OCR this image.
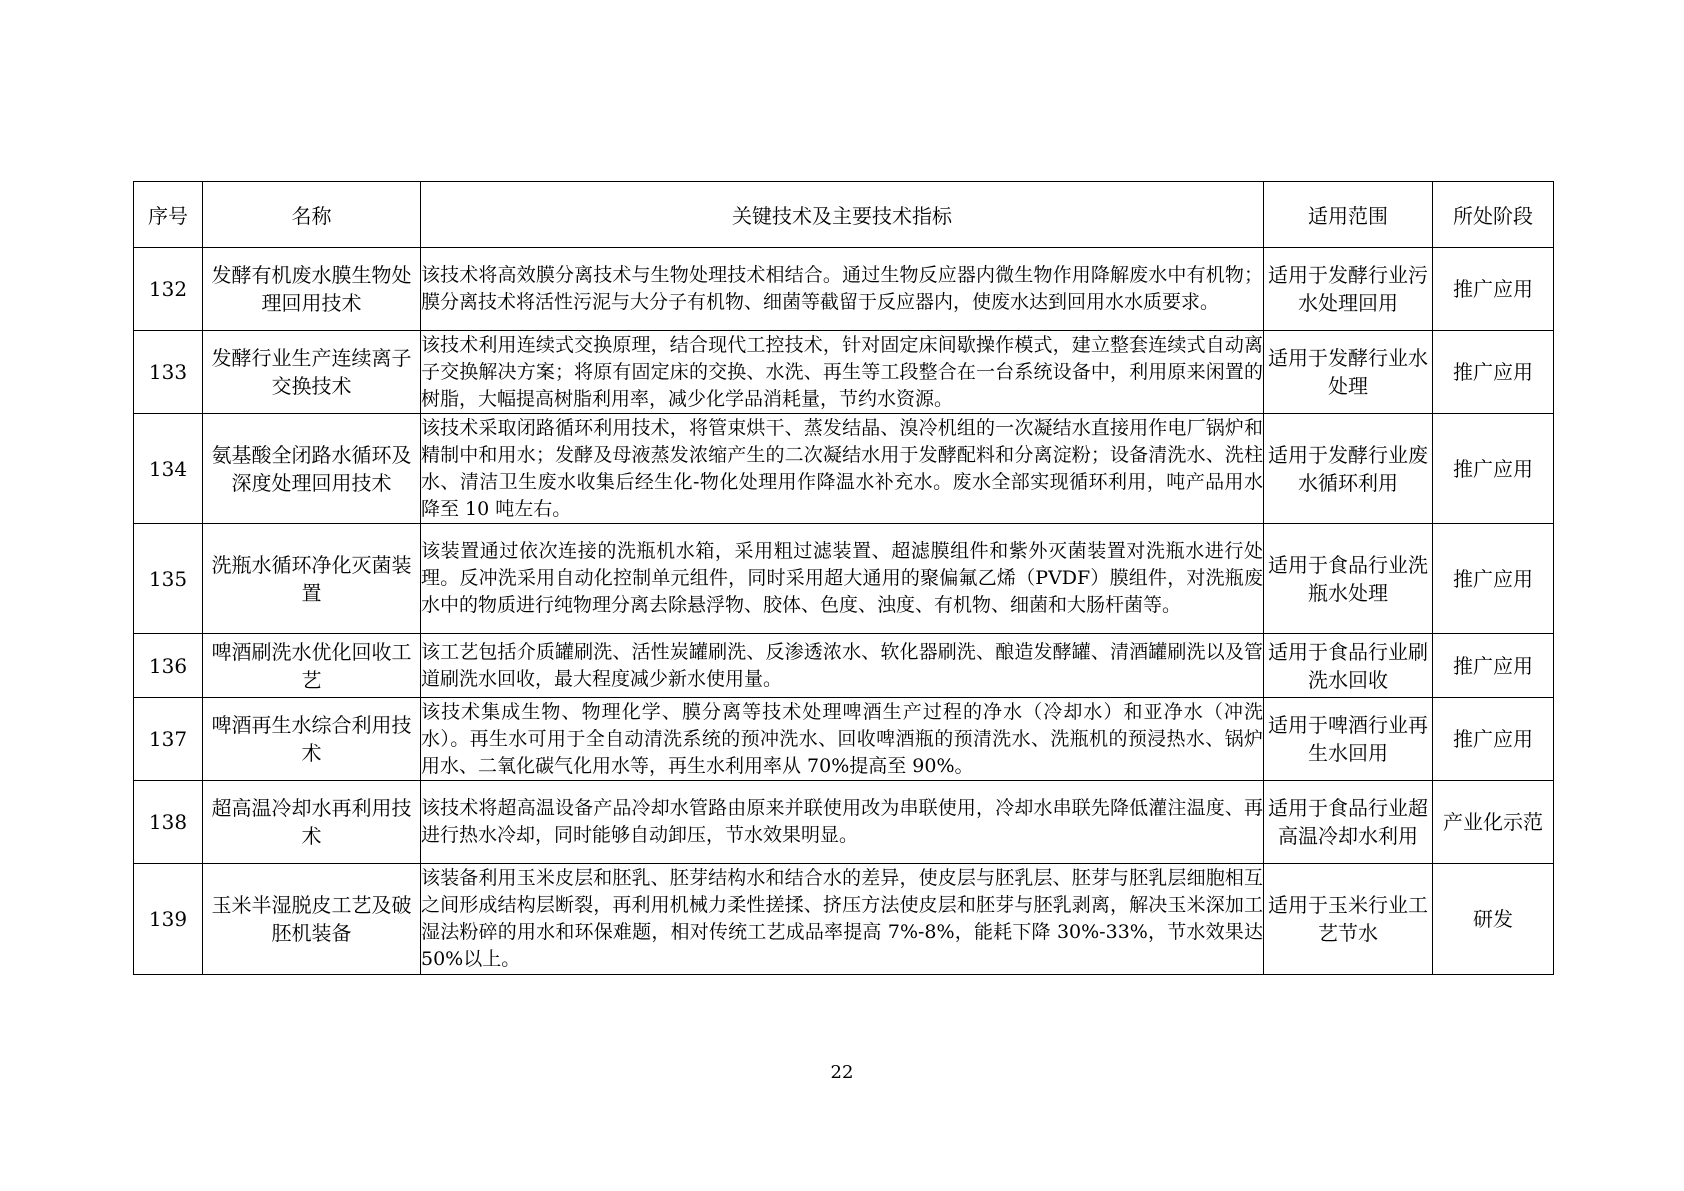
序号	名称	关键技术及主要技术指标	适用范围	所处阶段
132	发酵有机废水膜生物处理回用技术	该技术将高效膜分离技术与生物处理技术相结合。通过生物反应器内微生物作用降解废水中有机物；膜分离技术将活性污泥与大分子有机物、细菌等截留于反应器内，使废水达到回用水水质要求。	适用于发酵行业污水处理回用	推广应用
133	发酵行业生产连续离子交换技术	该技术利用连续式交换原理，结合现代工控技术，针对固定床间歇操作模式，建立整套连续式自动离子交换解决方案；将原有固定床的交换、水洗、再生等工段整合在一台系统设备中，利用原来闲置的树脂，大幅提高树脂利用率，减少化学品消耗量，节约水资源。	适用于发酵行业水处理	推广应用
134	氨基酸全闭路水循环及深度处理回用技术	该技术采取闭路循环利用技术，将管束烘干、蒸发结晶、溴冷机组的一次凝结水直接用作电厂锅炉和精制中和用水；发酵及母液蒸发浓缩产生的二次凝结水用于发酵配料和分离淀粉；设备清洗水、洗柱水、清洁卫生废水收集后经生化-物化处理用作降温水补充水。废水全部实现循环利用，吨产品用水降至 10 吨左右。	适用于发酵行业废水循环利用	推广应用
135	洗瓶水循环净化灭菌装置	该装置通过依次连接的洗瓶机水箱，采用粗过滤装置、超滤膜组件和紫外灭菌装置对洗瓶水进行处理。反冲洗采用自动化控制单元组件，同时采用超大通用的聚偏氟乙烯（PVDF）膜组件，对洗瓶废水中的物质进行纯物理分离去除悬浮物、胶体、色度、浊度、有机物、细菌和大肠杆菌等。	适用于食品行业洗瓶水处理	推广应用
136	啤酒刷洗水优化回收工艺	该工艺包括介质罐刷洗、活性炭罐刷洗、反渗透浓水、软化器刷洗、酿造发酵罐、清酒罐刷洗以及管道刷洗水回收，最大程度减少新水使用量。	适用于食品行业刷洗水回收	推广应用
137	啤酒再生水综合利用技术	该技术集成生物、物理化学、膜分离等技术处理啤酒生产过程的净水（冷却水）和亚净水（冲洗水）。再生水可用于全自动清洗系统的预冲洗水、回收啤酒瓶的预清洗水、洗瓶机的预浸热水、锅炉用水、二氧化碳气化用水等，再生水利用率从 70%提高至 90%。	适用于啤酒行业再生水回用	推广应用
138	超高温冷却水再利用技术	该技术将超高温设备产品冷却水管路由原来并联使用改为串联使用，冷却水串联先降低灌注温度、再进行热水冷却，同时能够自动卸压，节水效果明显。	适用于食品行业超高温冷却水利用	产业化示范
139	玉米半湿脱皮工艺及破胚机装备	该装备利用玉米皮层和胚乳、胚芽结构水和结合水的差异，使皮层与胚乳层、胚芽与胚乳层细胞相互之间形成结构层断裂，再利用机械力柔性搓揉、挤压方法使皮层和胚芽与胚乳剥离，解决玉米深加工湿法粉碎的用水和环保难题，相对传统工艺成品率提高 7%-8%，能耗下降 30%-33%，节水效果达 50%以上。	适用于玉米行业工艺节水	研发
22
